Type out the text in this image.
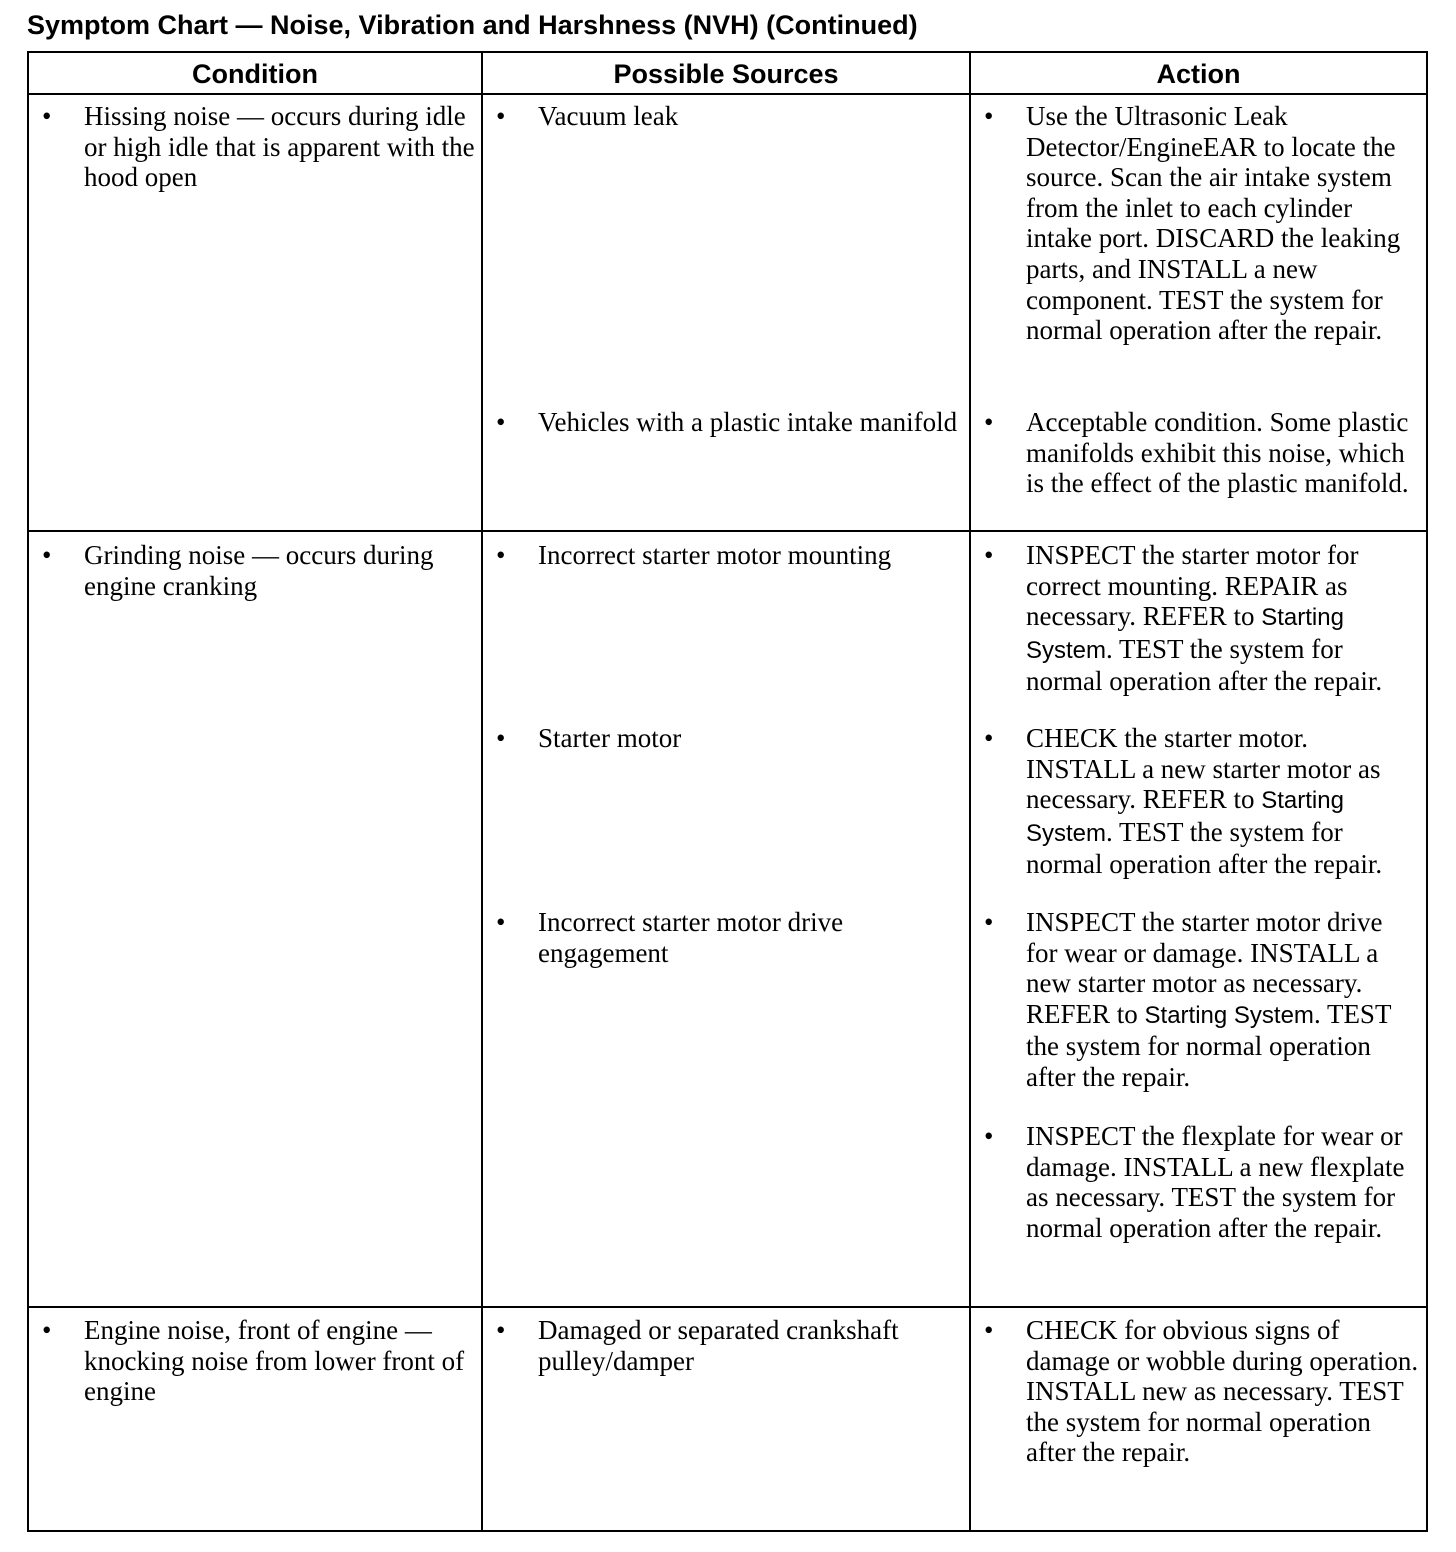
Symptom Chart — Noise, Vibration and Harshness (NVH) (Continued)
Condition	Possible Sources	Action
• Hissing noise — occurs during idle or high idle that is apparent with the hood open
• Vacuum leak
• Vehicles with a plastic intake manifold
• Use the Ultrasonic Leak Detector/EngineEAR to locate the source. Scan the air intake system from the inlet to each cylinder intake port. DISCARD the leaking parts, and INSTALL a new component. TEST the system for normal operation after the repair.
• Acceptable condition. Some plastic manifolds exhibit this noise, which is the effect of the plastic manifold.
• Grinding noise — occurs during engine cranking
• Incorrect starter motor mounting
• Starter motor
• Incorrect starter motor drive engagement
• INSPECT the starter motor for correct mounting. REPAIR as necessary. REFER to Starting System. TEST the system for normal operation after the repair.
• CHECK the starter motor. INSTALL a new starter motor as necessary. REFER to Starting System. TEST the system for normal operation after the repair.
• INSPECT the starter motor drive for wear or damage. INSTALL a new starter motor as necessary. REFER to Starting System. TEST the system for normal operation after the repair.
• INSPECT the flexplate for wear or damage. INSTALL a new flexplate as necessary. TEST the system for normal operation after the repair.
• Engine noise, front of engine — knocking noise from lower front of engine
• Damaged or separated crankshaft pulley/damper
• CHECK for obvious signs of damage or wobble during operation. INSTALL new as necessary. TEST the system for normal operation after the repair.
